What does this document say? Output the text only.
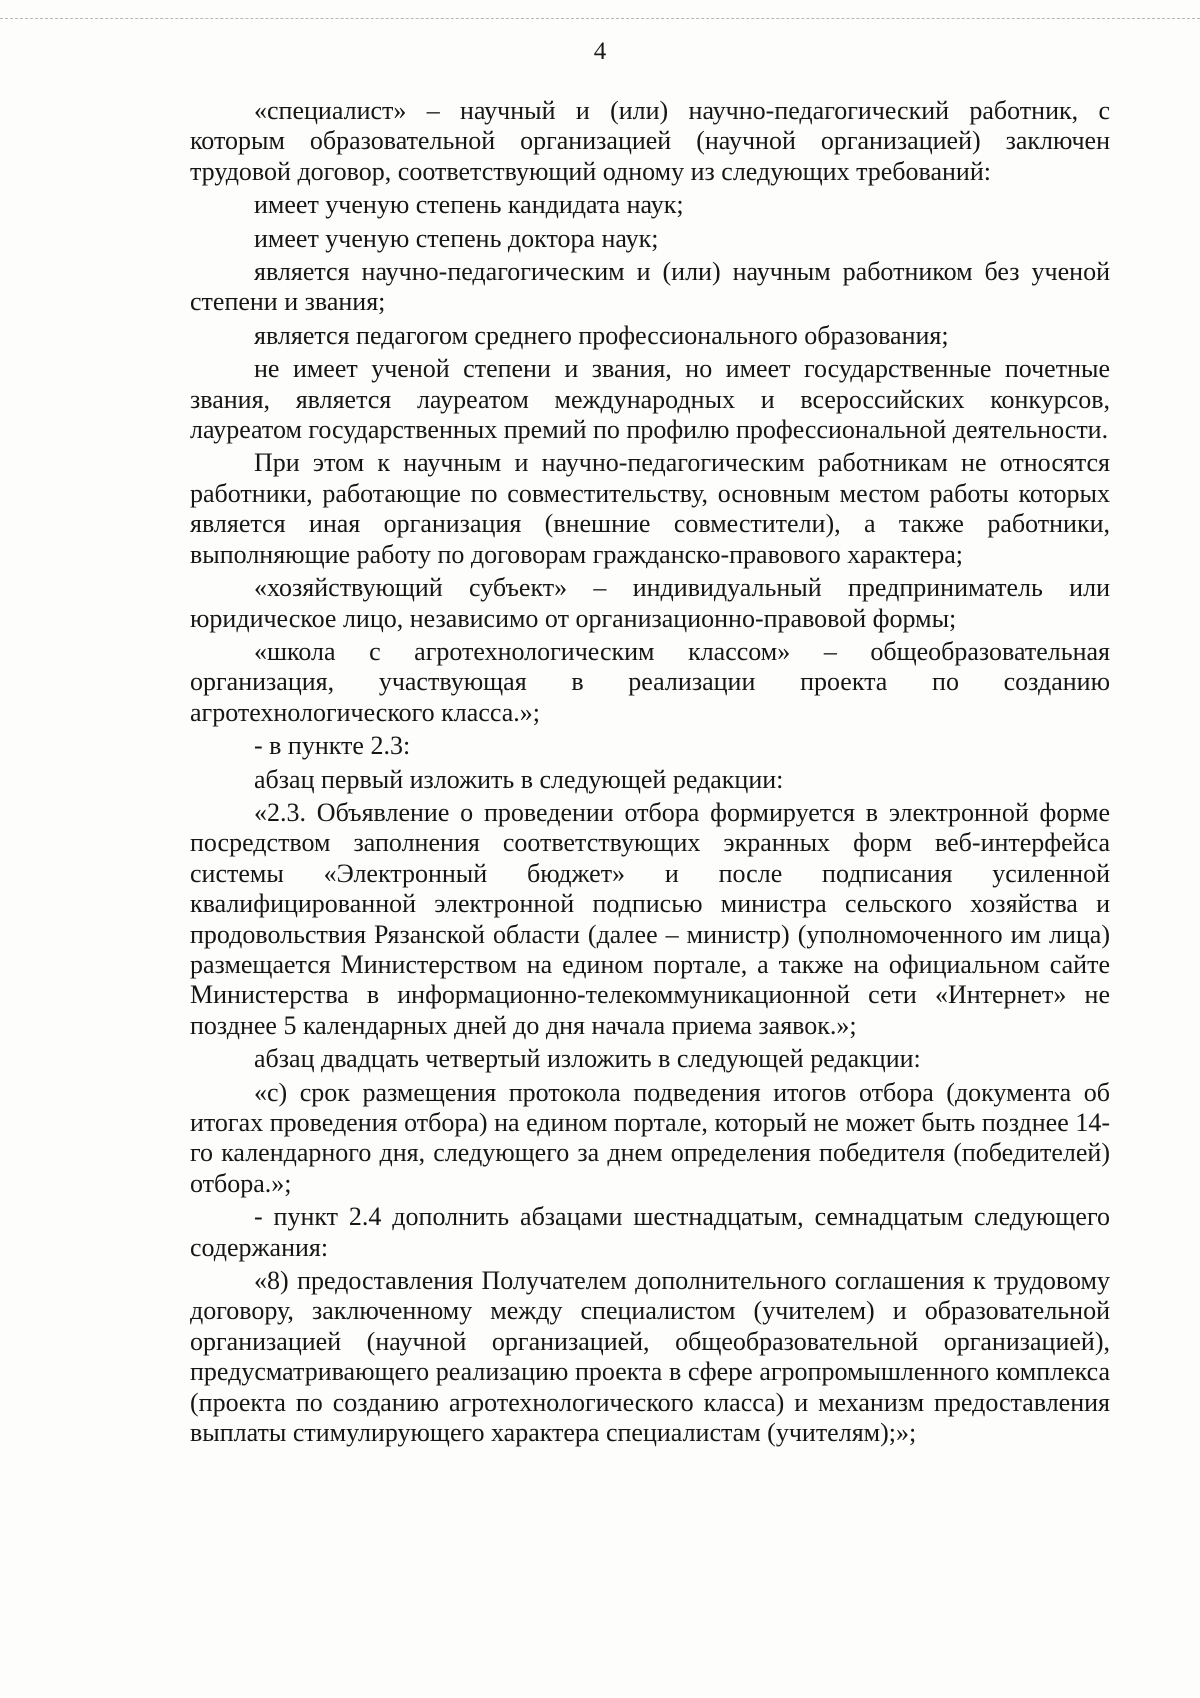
4

«специалист» – научный и (или) научно-педагогический работник, с которым образовательной организацией (научной организацией) заключен трудовой договор, соответствующий одному из следующих требований:

имеет ученую степень кандидата наук;

имеет ученую степень доктора наук;

является научно-педагогическим и (или) научным работником без ученой степени и звания;

является педагогом среднего профессионального образования;

не имеет ученой степени и звания, но имеет государственные почетные звания, является лауреатом международных и всероссийских конкурсов, лауреатом государственных премий по профилю профессиональной деятельности.

При этом к научным и научно-педагогическим работникам не относятся работники, работающие по совместительству, основным местом работы которых является иная организация (внешние совместители), а также работники, выполняющие работу по договорам гражданско-правового характера;

«хозяйствующий субъект» – индивидуальный предприниматель или юридическое лицо, независимо от организационно-правовой формы;

«школа с агротехнологическим классом» – общеобразовательная организация, участвующая в реализации проекта по созданию агротехнологического класса.»;

- в пункте 2.3:

абзац первый изложить в следующей редакции:

«2.3. Объявление о проведении отбора формируется в электронной форме посредством заполнения соответствующих экранных форм веб-интерфейса системы «Электронный бюджет» и после подписания усиленной квалифицированной электронной подписью министра сельского хозяйства и продовольствия Рязанской области (далее – министр) (уполномоченного им лица) размещается Министерством на едином портале, а также на официальном сайте Министерства в информационно-телекоммуникационной сети «Интернет» не позднее 5 календарных дней до дня начала приема заявок.»;

абзац двадцать четвертый изложить в следующей редакции:

«с) срок размещения протокола подведения итогов отбора (документа об итогах проведения отбора) на едином портале, который не может быть позднее 14-го календарного дня, следующего за днем определения победителя (победителей) отбора.»;

- пункт 2.4 дополнить абзацами шестнадцатым, семнадцатым следующего содержания:

«8) предоставления Получателем дополнительного соглашения к трудовому договору, заключенному между специалистом (учителем) и образовательной организацией (научной организацией, общеобразовательной организацией), предусматривающего реализацию проекта в сфере агропромышленного комплекса (проекта по созданию агротехнологического класса) и механизм предоставления выплаты стимулирующего характера специалистам (учителям);»;
